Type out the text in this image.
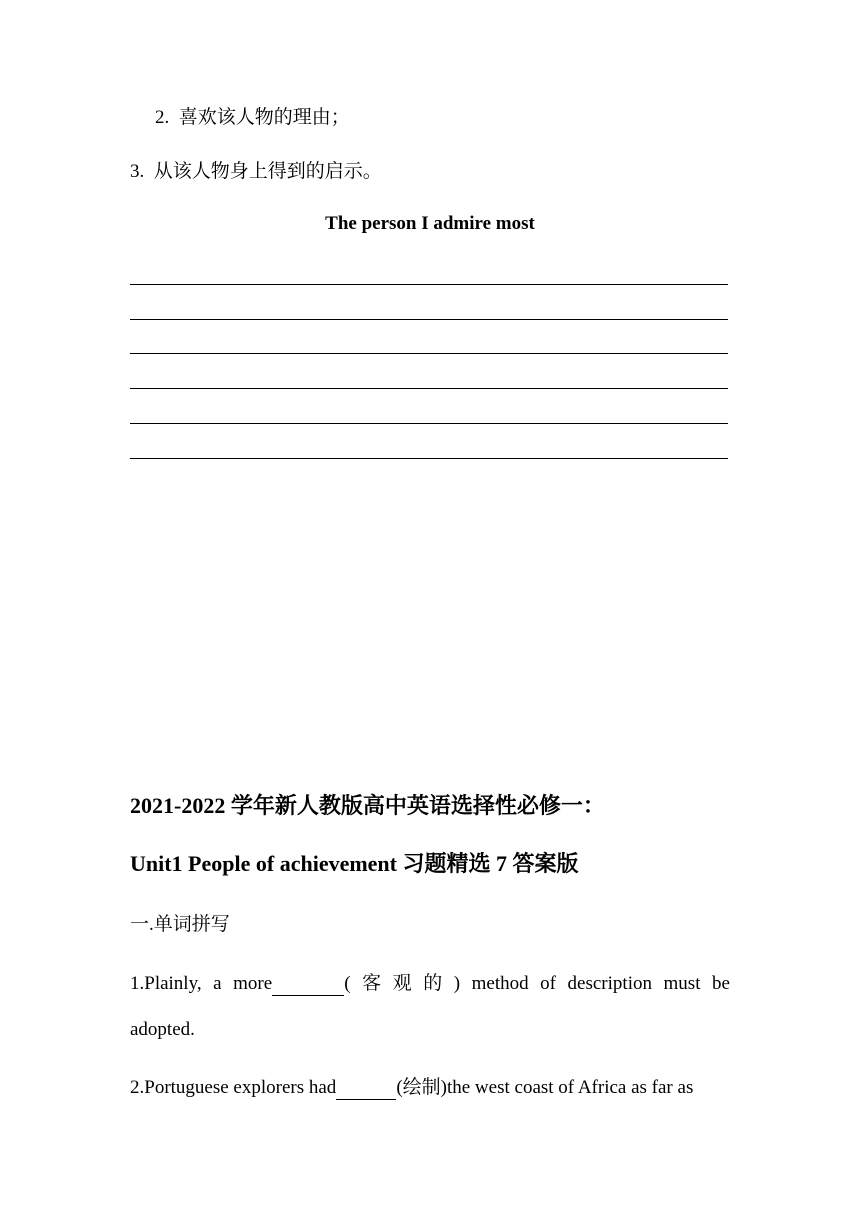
2. 喜欢该人物的理由；
3. 从该人物身上得到的启示。
The person I admire most
2021-2022 学年新人教版高中英语选择性必修一：
Unit1 People of achievement 习题精选 7 答案版
一.单词拼写
1.Plainly, a more	( 客 观 的 ) method of description must be
adopted.
2.Portuguese explorers had	(绘制)the west coast of Africa as far as
